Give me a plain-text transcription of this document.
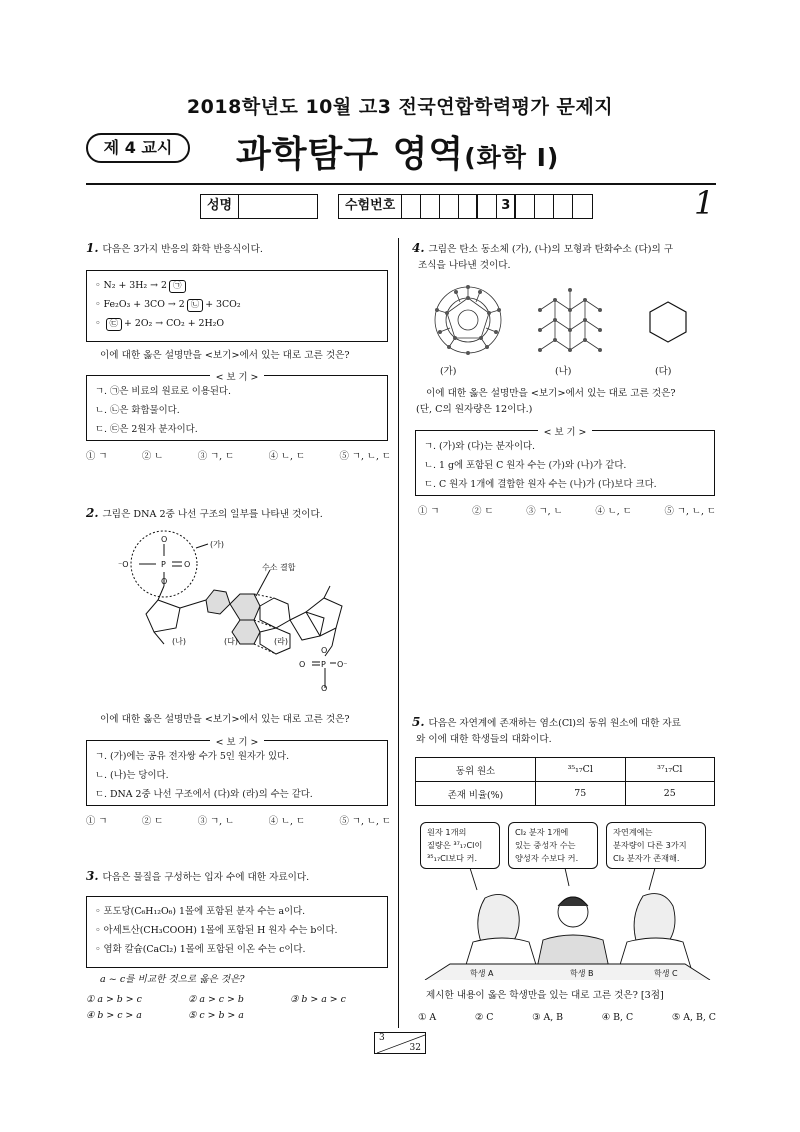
2018학년도 10월 고3 전국연합학력평가 문제지
제 4 교시	과학탐구 영역(화학 Ⅰ)
성명	수험번호	3	1
1. 다음은 3가지 반응의 화학 반응식이다.
◦ N₂ + 3H₂ → 2 ㉠
◦ Fe₂O₃ + 3CO → 2 ㉡ + 3CO₂
◦ ㉢ + 2O₂ → CO₂ + 2H₂O
이에 대한 옳은 설명만을 <보기>에서 있는 대로 고른 것은?
< 보 기 >
ㄱ. ㉠은 비료의 원료로 이용된다.
ㄴ. ㉡은 화합물이다.
ㄷ. ㉢은 2원자 분자이다.
① ㄱ	② ㄴ	③ ㄱ, ㄷ	④ ㄴ, ㄷ	⑤ ㄱ, ㄴ, ㄷ
2. 그림은 DNA 2중 나선 구조의 일부를 나타낸 것이다.
O
⁻O	P O
O
O
O P O⁻
O
(가)
수소 결합
(나)	(다)	(라)
이에 대한 옳은 설명만을 <보기>에서 있는 대로 고른 것은?
< 보 기 >
ㄱ. (가)에는 공유 전자쌍 수가 5인 원자가 있다.
ㄴ. (나)는 당이다.
ㄷ. DNA 2중 나선 구조에서 (다)와 (라)의 수는 같다.
① ㄱ	② ㄷ	③ ㄱ, ㄴ	④ ㄴ, ㄷ	⑤ ㄱ, ㄴ, ㄷ
3. 다음은 물질을 구성하는 입자 수에 대한 자료이다.
◦ 포도당(C₆H₁₂O₆) 1몰에 포함된 분자 수는 a이다.
◦ 아세트산(CH₃COOH) 1몰에 포함된 H 원자 수는 b이다.
◦ 염화 칼슘(CaCl₂) 1몰에 포함된 이온 수는 c이다.
a ~ c를 비교한 것으로 옳은 것은?
① a > b > c	② a > c > b	③ b > a > c
④ b > c > a	⑤ c > b > a
4. 그림은 탄소 동소체 (가), (나)의 모형과 탄화수소 (다)의 구
조식을 나타낸 것이다.
(가)	(나)	(다)
이에 대한 옳은 설명만을 <보기>에서 있는 대로 고른 것은?
(단, C의 원자량은 12이다.)
< 보 기 >
ㄱ. (가)와 (다)는 분자이다.
ㄴ. 1 g에 포함된 C 원자 수는 (가)와 (나)가 같다.
ㄷ. C 원자 1개에 결합한 원자 수는 (나)가 (다)보다 크다.
① ㄱ	② ㄷ	③ ㄱ, ㄴ	④ ㄴ, ㄷ	⑤ ㄱ, ㄴ, ㄷ
5. 다음은 자연계에 존재하는 염소(Cl)의 동위 원소에 대한 자료
와 이에 대한 학생들의 대화이다.
동위 원소	³⁵₁₇Cl	³⁷₁₇Cl
존재 비율(%)	75	25
원자 1개의
질량은 ³⁷₁₇Cl이
³⁵₁₇Cl보다 커.
Cl₂ 분자 1개에
있는 중성자 수는
양성자 수보다 커.
자연계에는
분자량이 다른 3가지
Cl₂ 분자가 존재해.
학생 A	학생 B	학생 C
제시한 내용이 옳은 학생만을 있는 대로 고른 것은? [3점]
① A	② C	③ A, B	④ B, C	⑤ A, B, C
3
32
